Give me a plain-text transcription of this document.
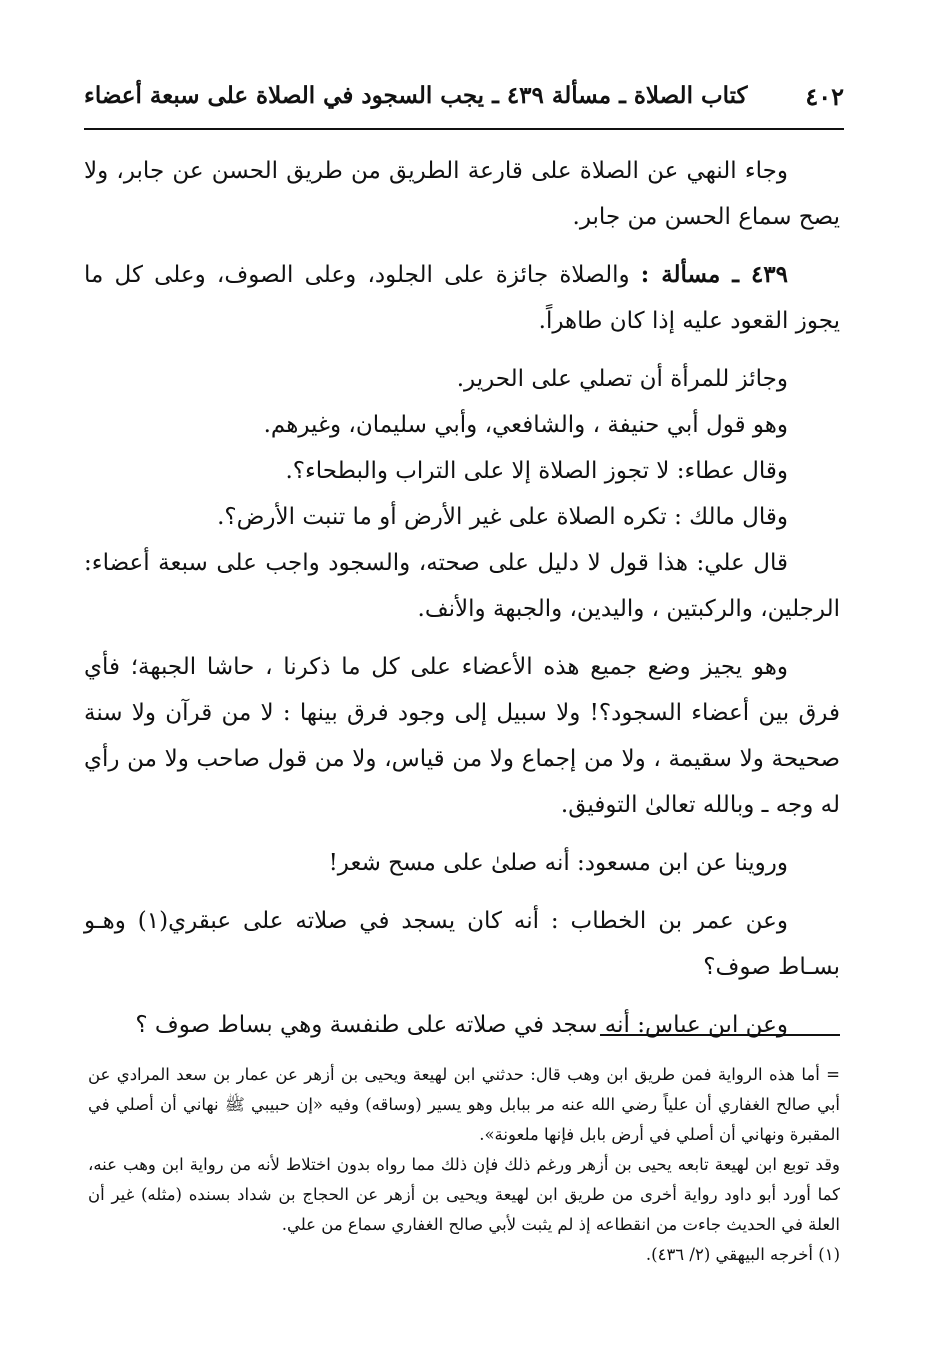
٤٠٢
كتاب الصلاة ـ مسألة ٤٣٩ ـ يجب السجود في الصلاة على سبعة أعضاء

وجاء النهي عن الصلاة على قارعة الطريق من طريق الحسن عن جابر، ولا يصح سماع الحسن من جابر.

٤٣٩ ـ مسألة : والصلاة جائزة على الجلود، وعلى الصوف، وعلى كل ما يجوز القعود عليه إذا كان طاهراً.

وجائز للمرأة أن تصلي على الحرير.

وهو قول أبي حنيفة ، والشافعي، وأبي سليمان، وغيرهم.

وقال عطاء: لا تجوز الصلاة إلا على التراب والبطحاء؟.

وقال مالك : تكره الصلاة على غير الأرض أو ما تنبت الأرض؟.

قال علي: هذا قول لا دليل على صحته، والسجود واجب على سبعة أعضاء: الرجلين، والركبتين ، واليدين، والجبهة والأنف.

وهو يجيز وضع جميع هذه الأعضاء على كل ما ذكرنا ، حاشا الجبهة؛ فأي فرق بين أعضاء السجود؟! ولا سبيل إلى وجود فرق بينها : لا من قرآن ولا سنة صحيحة ولا سقيمة ، ولا من إجماع ولا من قياس، ولا من قول صاحب ولا من رأي له وجه ـ وبالله تعالىٰ التوفيق.

وروينا عن ابن مسعود: أنه صلىٰ على مسح شعر!

وعن عمر بن الخطاب : أنه كان يسجد في صلاته على عبقري(١) وهـو بسـاط صوف؟

وعن ابن عباس: أنه سجد في صلاته على طنفسة وهي بساط صوف ؟

= أما هذه الرواية فمن طريق ابن وهب قال: حدثني ابن لهيعة ويحيى بن أزهر عن عمار بن سعد المرادي عن أبي صالح الغفاري أن علياً رضي الله عنه مر ببابل وهو يسير (وساقه) وفيه «إن حبيبي ﷺ نهاني أن أصلي في المقبرة ونهاني أن أصلي في أرض بابل فإنها ملعونة».

وقد توبع ابن لهيعة تابعه يحيى بن أزهر ورغم ذلك فإن ذلك مما رواه بدون اختلاط لأنه من رواية ابن وهب عنه، كما أورد أبو داود رواية أخرى من طريق ابن لهيعة ويحيى بن أزهر عن الحجاج بن شداد بسنده (مثله) غير أن العلة في الحديث جاءت من انقطاعه إذ لم يثبت لأبي صالح الغفاري سماع من علي.

(١) أخرجه البيهقي (٢/ ٤٣٦).
